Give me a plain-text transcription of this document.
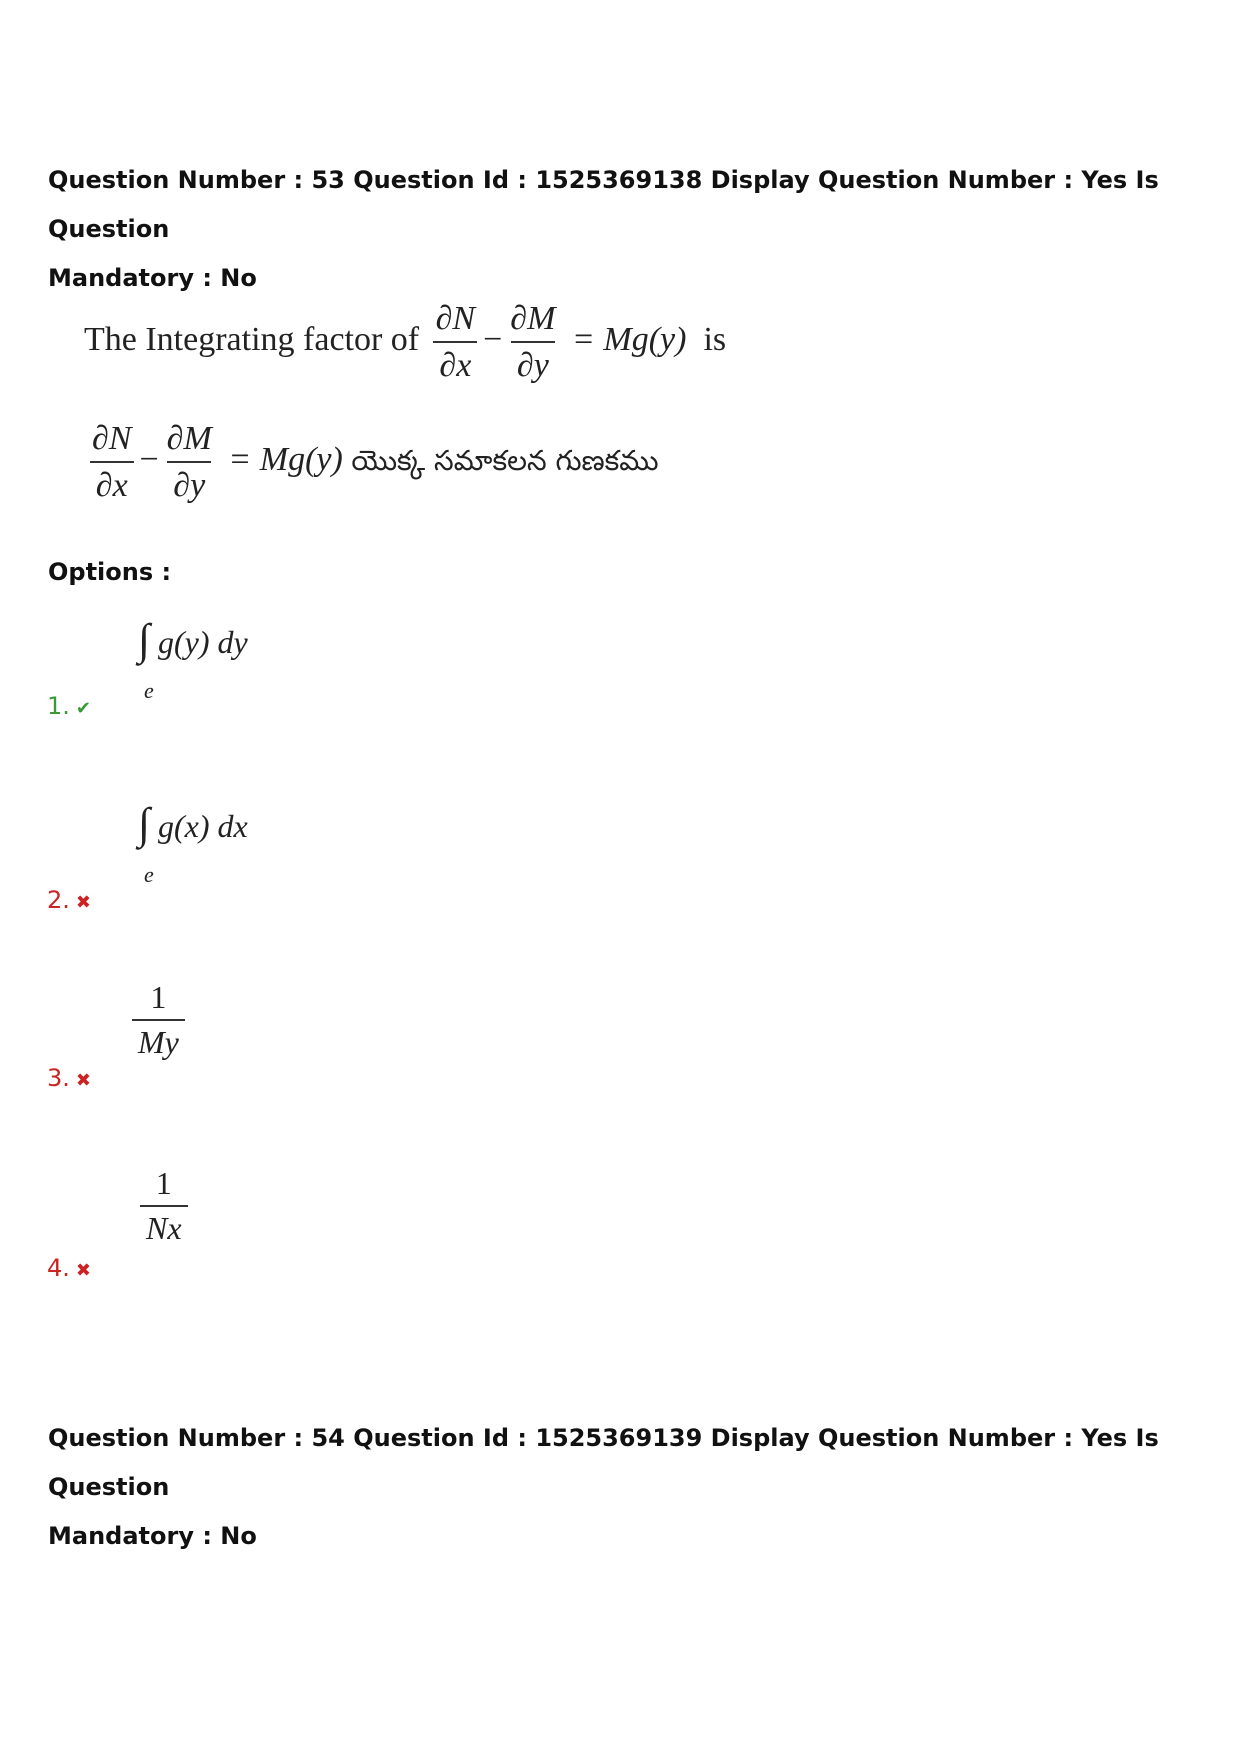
Question Number : 53 Question Id : 1525369138 Display Question Number : Yes Is Question
Mandatory : No
The Integrating factor of $\frac{\partial N}{\partial x} - \frac{\partial M}{\partial y} = Mg(y)$ is
$\frac{\partial N}{\partial x} - \frac{\partial M}{\partial y} = Mg(y)$ యొక్క సమాకలన గుణకము
Options :
∫ g(y) dy
e
1. ✔
∫ g(x) dx
e
2. ✖
$\frac{1}{My}$
3. ✖
$\frac{1}{Nx}$
4. ✖
Question Number : 54 Question Id : 1525369139 Display Question Number : Yes Is Question
Mandatory : No
